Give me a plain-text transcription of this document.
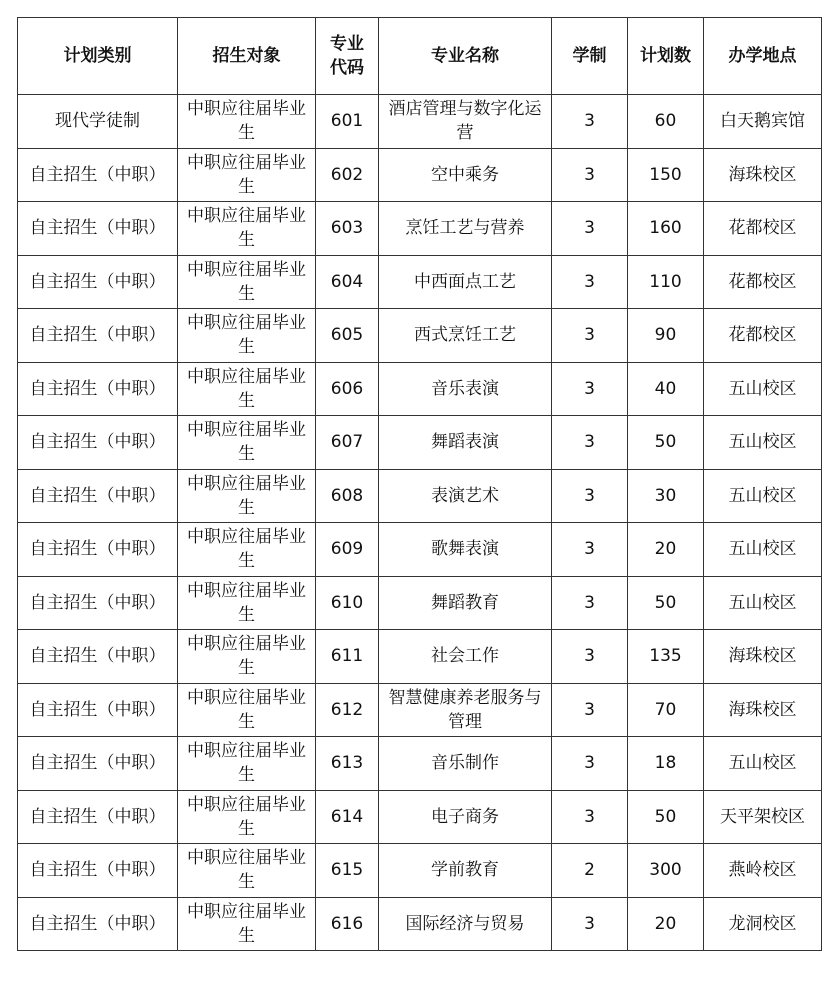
计划类别	招生对象	专业代码	专业名称	学制	计划数	办学地点
现代学徒制	中职应往届毕业生	601	酒店管理与数字化运营	3	60	白天鹅宾馆
自主招生（中职）	中职应往届毕业生	602	空中乘务	3	150	海珠校区
自主招生（中职）	中职应往届毕业生	603	烹饪工艺与营养	3	160	花都校区
自主招生（中职）	中职应往届毕业生	604	中西面点工艺	3	110	花都校区
自主招生（中职）	中职应往届毕业生	605	西式烹饪工艺	3	90	花都校区
自主招生（中职）	中职应往届毕业生	606	音乐表演	3	40	五山校区
自主招生（中职）	中职应往届毕业生	607	舞蹈表演	3	50	五山校区
自主招生（中职）	中职应往届毕业生	608	表演艺术	3	30	五山校区
自主招生（中职）	中职应往届毕业生	609	歌舞表演	3	20	五山校区
自主招生（中职）	中职应往届毕业生	610	舞蹈教育	3	50	五山校区
自主招生（中职）	中职应往届毕业生	611	社会工作	3	135	海珠校区
自主招生（中职）	中职应往届毕业生	612	智慧健康养老服务与管理	3	70	海珠校区
自主招生（中职）	中职应往届毕业生	613	音乐制作	3	18	五山校区
自主招生（中职）	中职应往届毕业生	614	电子商务	3	50	天平架校区
自主招生（中职）	中职应往届毕业生	615	学前教育	2	300	燕岭校区
自主招生（中职）	中职应往届毕业生	616	国际经济与贸易	3	20	龙洞校区
